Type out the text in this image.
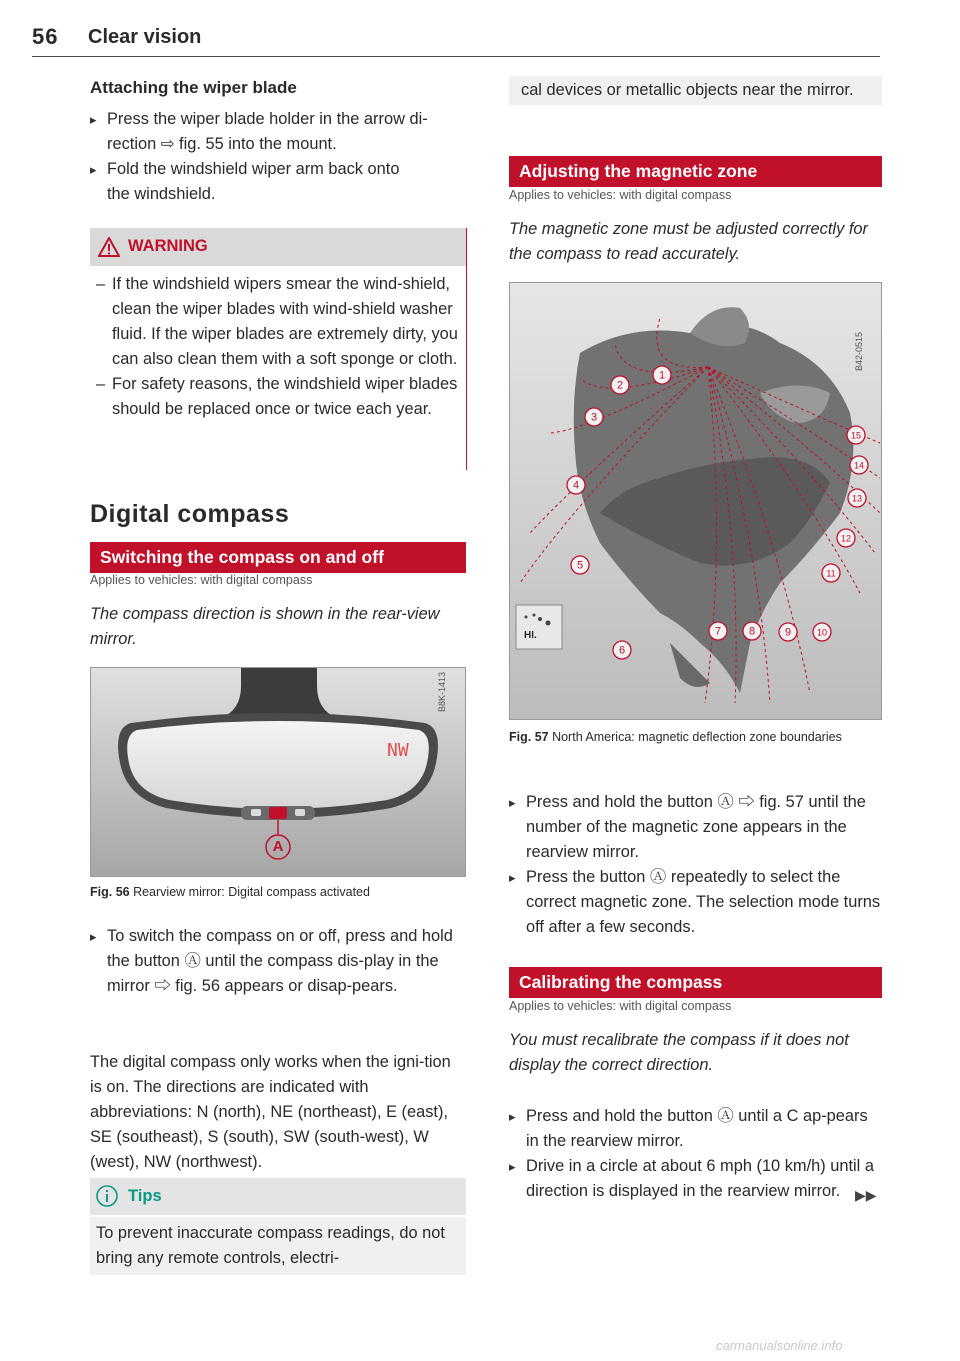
56 Clear vision
Attaching the wiper blade
▸ Press the wiper blade holder in the arrow di-
rection ⇨ fig. 55 into the mount.
▸ Fold the windshield wiper arm back onto
the windshield.
WARNING
– If the windshield wipers smear the wind-shield, clean the wiper blades with wind-shield washer fluid. If the wiper blades are extremely dirty, you can also clean them with a soft sponge or cloth.
– For safety reasons, the windshield wiper blades should be replaced once or twice each year.
Digital compass
Switching the compass on and off
Applies to vehicles: with digital compass
The compass direction is shown in the rear-view mirror.
NW
A
B8K-1413
Fig. 56 Rearview mirror: Digital compass activated
▸ To switch the compass on or off, press and hold the button Ⓐ until the compass dis-play in the mirror ⇨ fig. 56 appears or disap-pears.
The digital compass only works when the igni-tion is on. The directions are indicated with abbreviations: N (north), NE (northeast), E (east), SE (southeast), S (south), SW (south-west), W (west), NW (northwest).
Tips
To prevent inaccurate compass readings, do not bring any remote controls, electri-
cal devices or metallic objects near the mirror.
Adjusting the magnetic zone
Applies to vehicles: with digital compass
The magnetic zone must be adjusted correctly for the compass to read accurately.
1
2
3
4
5
6
7	8	9	10
11
12
13
14
15
HI.
B42-0515
Fig. 57 North America: magnetic deflection zone boundaries
▸ Press and hold the button Ⓐ ⇨ fig. 57 until the number of the magnetic zone appears in the rearview mirror.
▸ Press the button Ⓐ repeatedly to select the correct magnetic zone. The selection mode turns off after a few seconds.
Calibrating the compass
Applies to vehicles: with digital compass
You must recalibrate the compass if it does not display the correct direction.
▸ Press and hold the button Ⓐ until a C ap-pears in the rearview mirror.
▸ Drive in a circle at about 6 mph (10 km/h) until a direction is displayed in the rearview mirror.	▶▶
carmanualsonline.info
